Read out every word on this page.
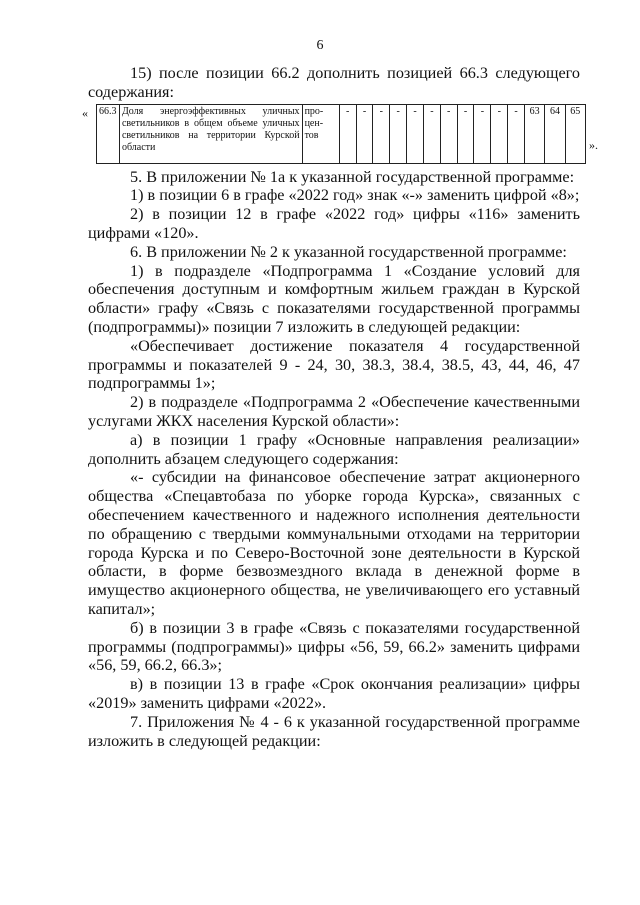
6

15) после позиции 66.2 дополнить позицией 66.3 следующего содержания:

« 66.3	Доля энергоэффективных уличных светильников в общем объеме уличных светильников на территории Курской области	про- цен- тов	-	-	-	-	-	-	-	-	-	-	-	63	64	65
».

5. В приложении № 1а к указанной государственной программе:

1) в позиции 6 в графе «2022 год» знак «-» заменить цифрой «8»;

2) в позиции 12 в графе «2022 год» цифры «116» заменить цифрами «120».

6. В приложении № 2 к указанной государственной программе:

1) в подразделе «Подпрограмма 1 «Создание условий для обеспечения доступным и комфортным жильем граждан в Курской области» графу «Связь с показателями государственной программы (подпрограммы)» позиции 7 изложить в следующей редакции:

«Обеспечивает достижение показателя 4 государственной программы и показателей 9 - 24, 30, 38.3, 38.4, 38.5, 43, 44, 46, 47 подпрограммы 1»;

2) в подразделе «Подпрограмма 2 «Обеспечение качественными услугами ЖКХ населения Курской области»:

а) в позиции 1 графу «Основные направления реализации» дополнить абзацем следующего содержания:

«- субсидии на финансовое обеспечение затрат акционерного общества «Спецавтобаза по уборке города Курска», связанных с обеспечением качественного и надежного исполнения деятельности по обращению с твердыми коммунальными отходами на территории города Курска и по Северо-Восточной зоне деятельности в Курской области, в форме безвозмездного вклада в денежной форме в имущество акционерного общества, не увеличивающего его уставный капитал»;

б) в позиции 3 в графе «Связь с показателями государственной программы (подпрограммы)» цифры «56, 59, 66.2» заменить цифрами «56, 59, 66.2, 66.3»;

в) в позиции 13 в графе «Срок окончания реализации» цифры «2019» заменить цифрами «2022».

7. Приложения № 4 - 6 к указанной государственной программе изложить в следующей редакции:
